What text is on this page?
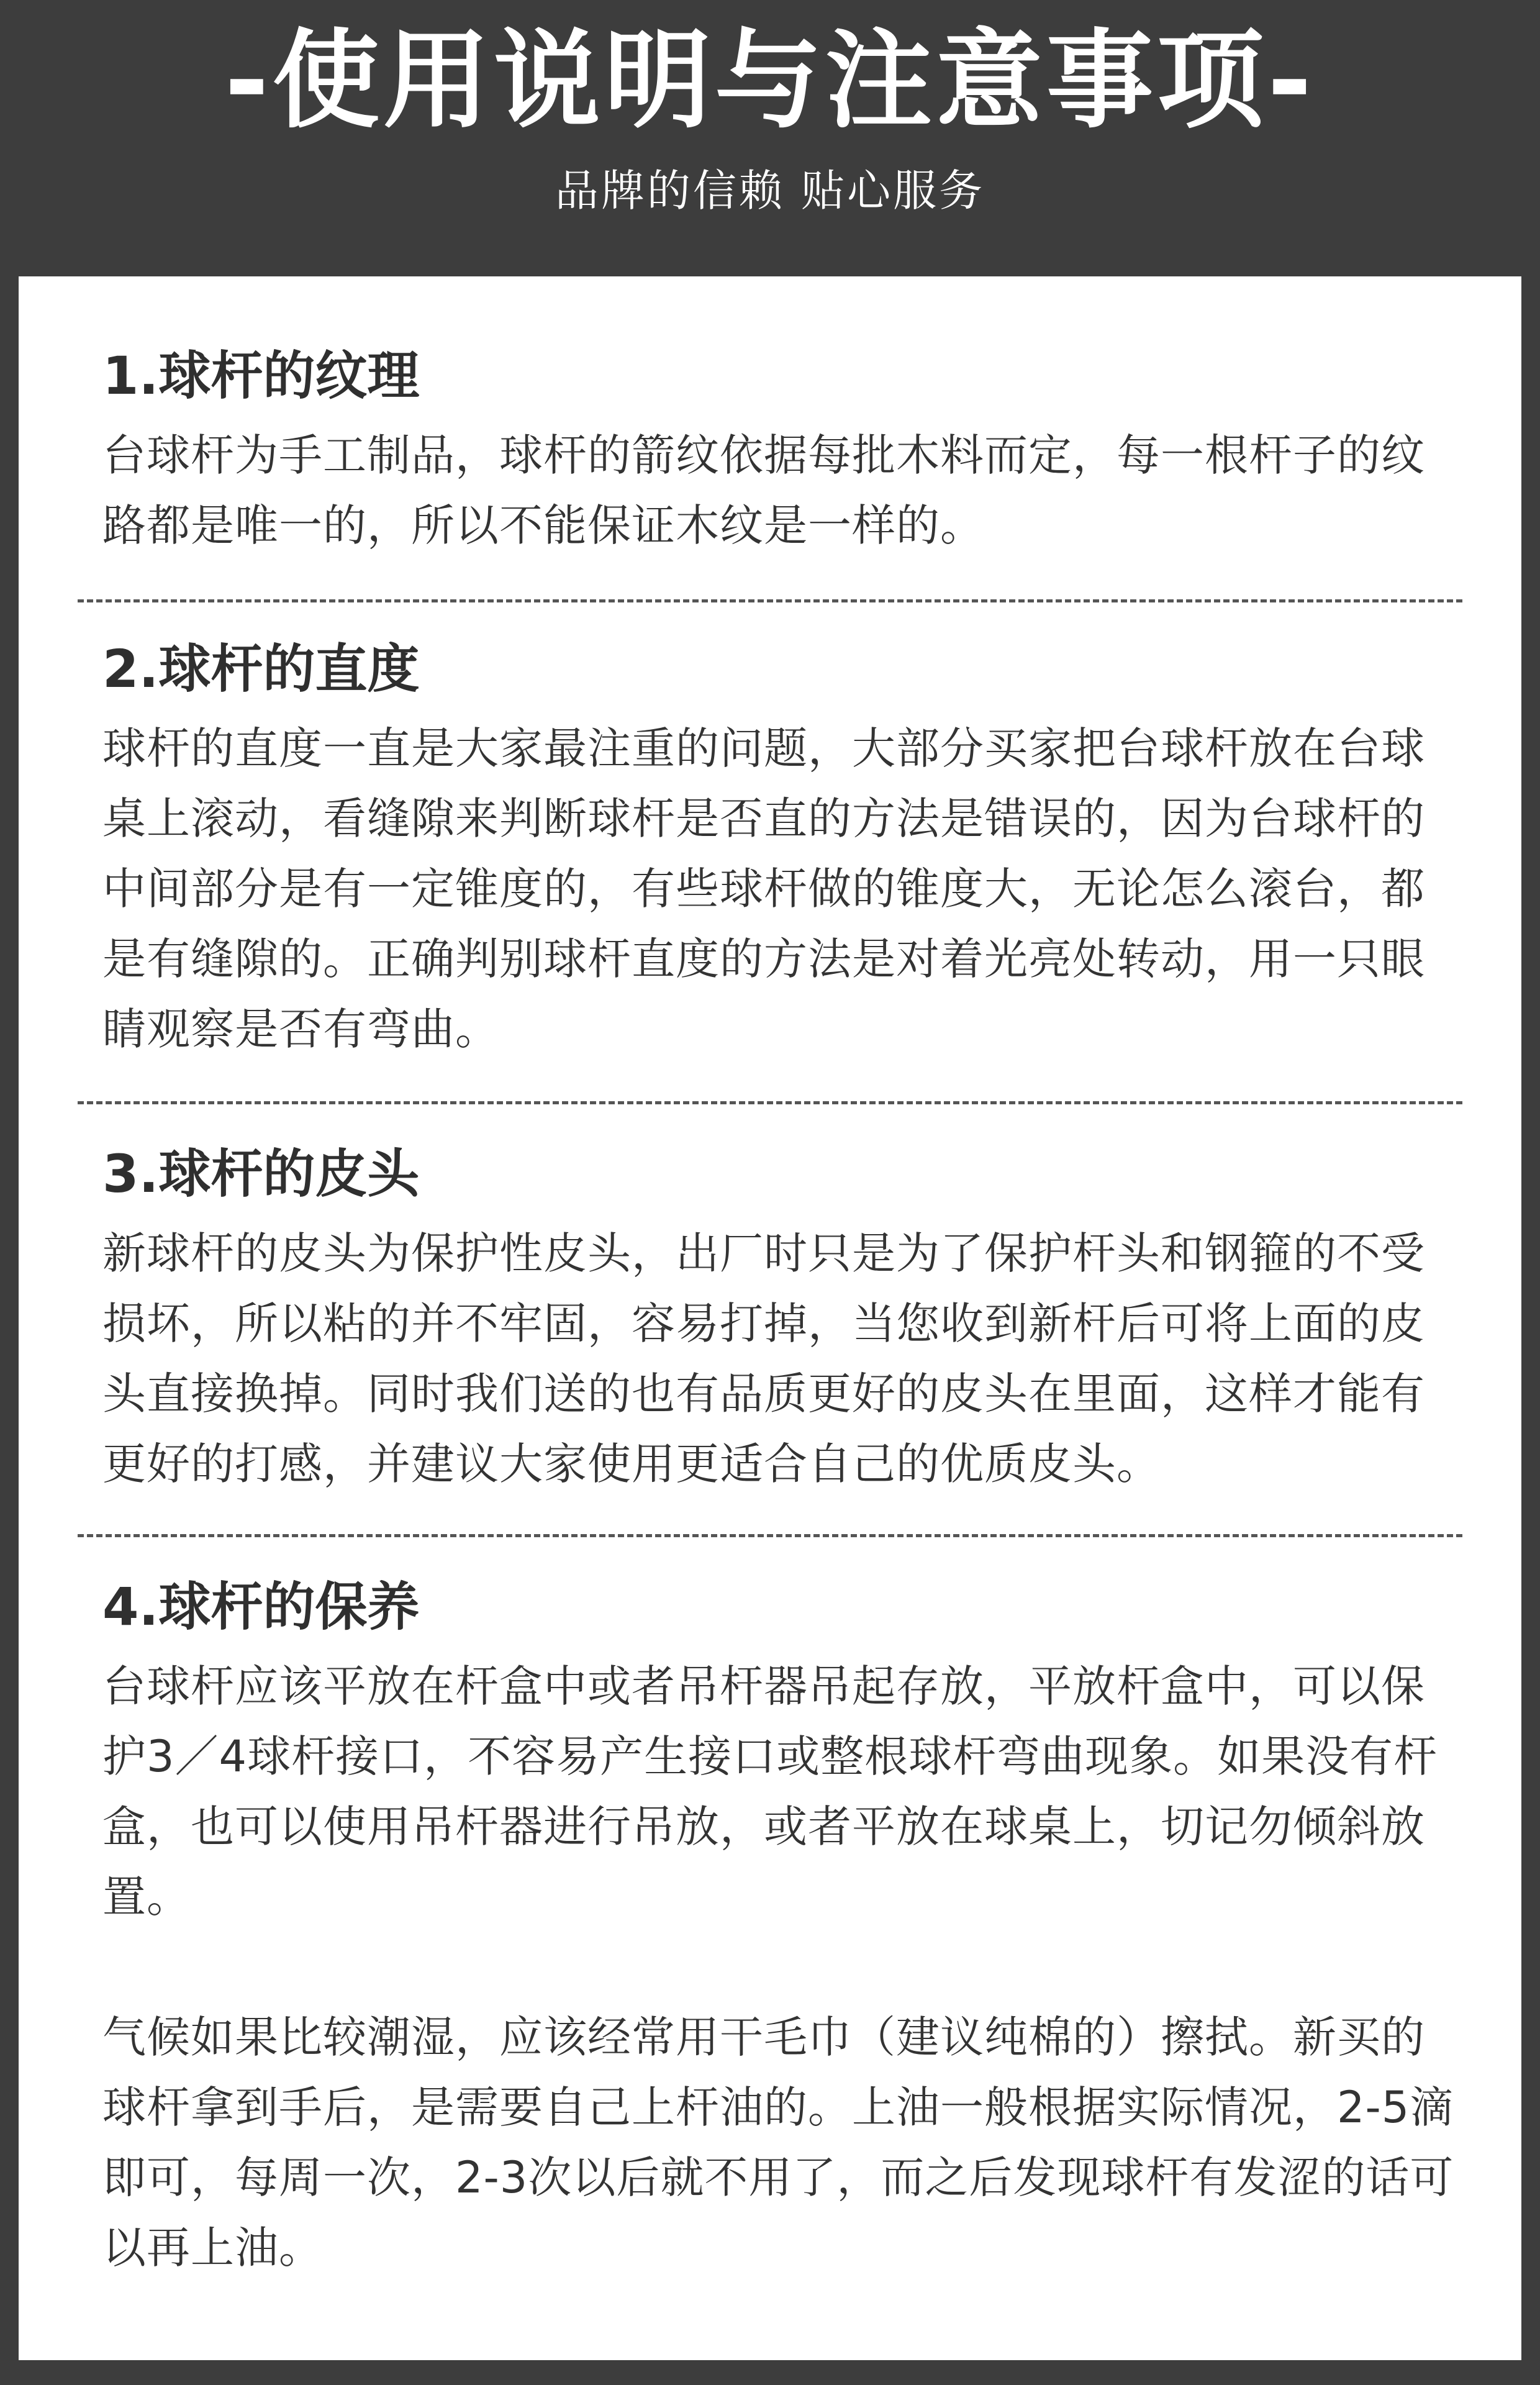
-使用说明与注意事项-
品牌的信赖 贴心服务

1.球杆的纹理

台球杆为手工制品，球杆的箭纹依据每批木料而定，每一根杆子的纹路都是唯一的，所以不能保证木纹是一样的。

2.球杆的直度

球杆的直度一直是大家最注重的问题，大部分买家把台球杆放在台球桌上滚动，看缝隙来判断球杆是否直的方法是错误的，因为台球杆的中间部分是有一定锥度的，有些球杆做的锥度大，无论怎么滚台，都是有缝隙的。正确判别球杆直度的方法是对着光亮处转动，用一只眼睛观察是否有弯曲。

3.球杆的皮头

新球杆的皮头为保护性皮头，出厂时只是为了保护杆头和钢箍的不受损坏，所以粘的并不牢固，容易打掉，当您收到新杆后可将上面的皮头直接换掉。同时我们送的也有品质更好的皮头在里面，这样才能有更好的打感，并建议大家使用更适合自己的优质皮头。

4.球杆的保养

台球杆应该平放在杆盒中或者吊杆器吊起存放，平放杆盒中，可以保护3／4球杆接口，不容易产生接口或整根球杆弯曲现象。如果没有杆盒，也可以使用吊杆器进行吊放，或者平放在球桌上，切记勿倾斜放置。

气候如果比较潮湿，应该经常用干毛巾（建议纯棉的）擦拭。新买的球杆拿到手后，是需要自己上杆油的。上油一般根据实际情况，2-5滴即可，每周一次，2-3次以后就不用了，而之后发现球杆有发涩的话可以再上油。
